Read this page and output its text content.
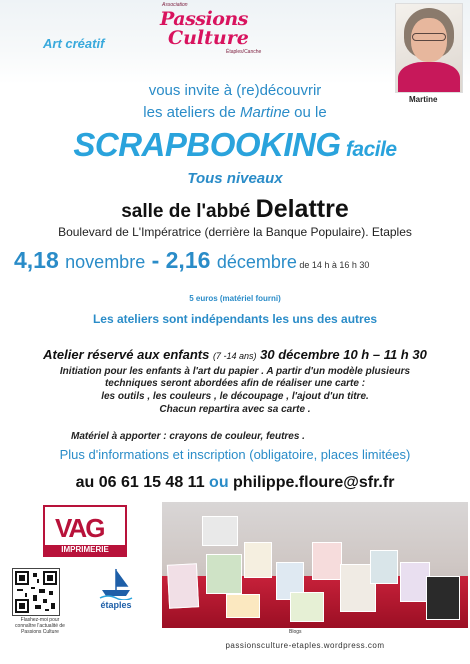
Art créatif
Association
Passions
Culture
Étaples/Canche
Martine
vous invite à (re)découvrir
les ateliers de Martine ou le
SCRAPBOOKING facile
Tous niveaux
salle de l'abbé Delattre
Boulevard de L'Impératrice (derrière la Banque Populaire). Etaples
4,18 novembre - 2,16 décembre de 14 h à 16 h 30
5 euros (matériel fourni)
Les ateliers sont indépendants les uns des autres
Atelier réservé aux enfants (7 -14 ans) 30 décembre 10 h – 11 h 30
Initiation pour les enfants à l'art du papier . A partir d'un modèle plusieurs
techniques seront abordées afin de réaliser une carte :
les outils , les couleurs , le découpage , l'ajout d'un titre.
Chacun repartira avec sa carte .
Matériel à apporter : crayons de couleur, feutres .
Plus d'informations et inscription (obligatoire, places limitées)
au 06 61 15 48 11 ou philippe.floure@sfr.fr
VAG
IMPRIMERIE
Flashez-moi pour connaître l'actualité de Passions Culture
étaples
Blogs
passionsculture-etaples.wordpress.com
